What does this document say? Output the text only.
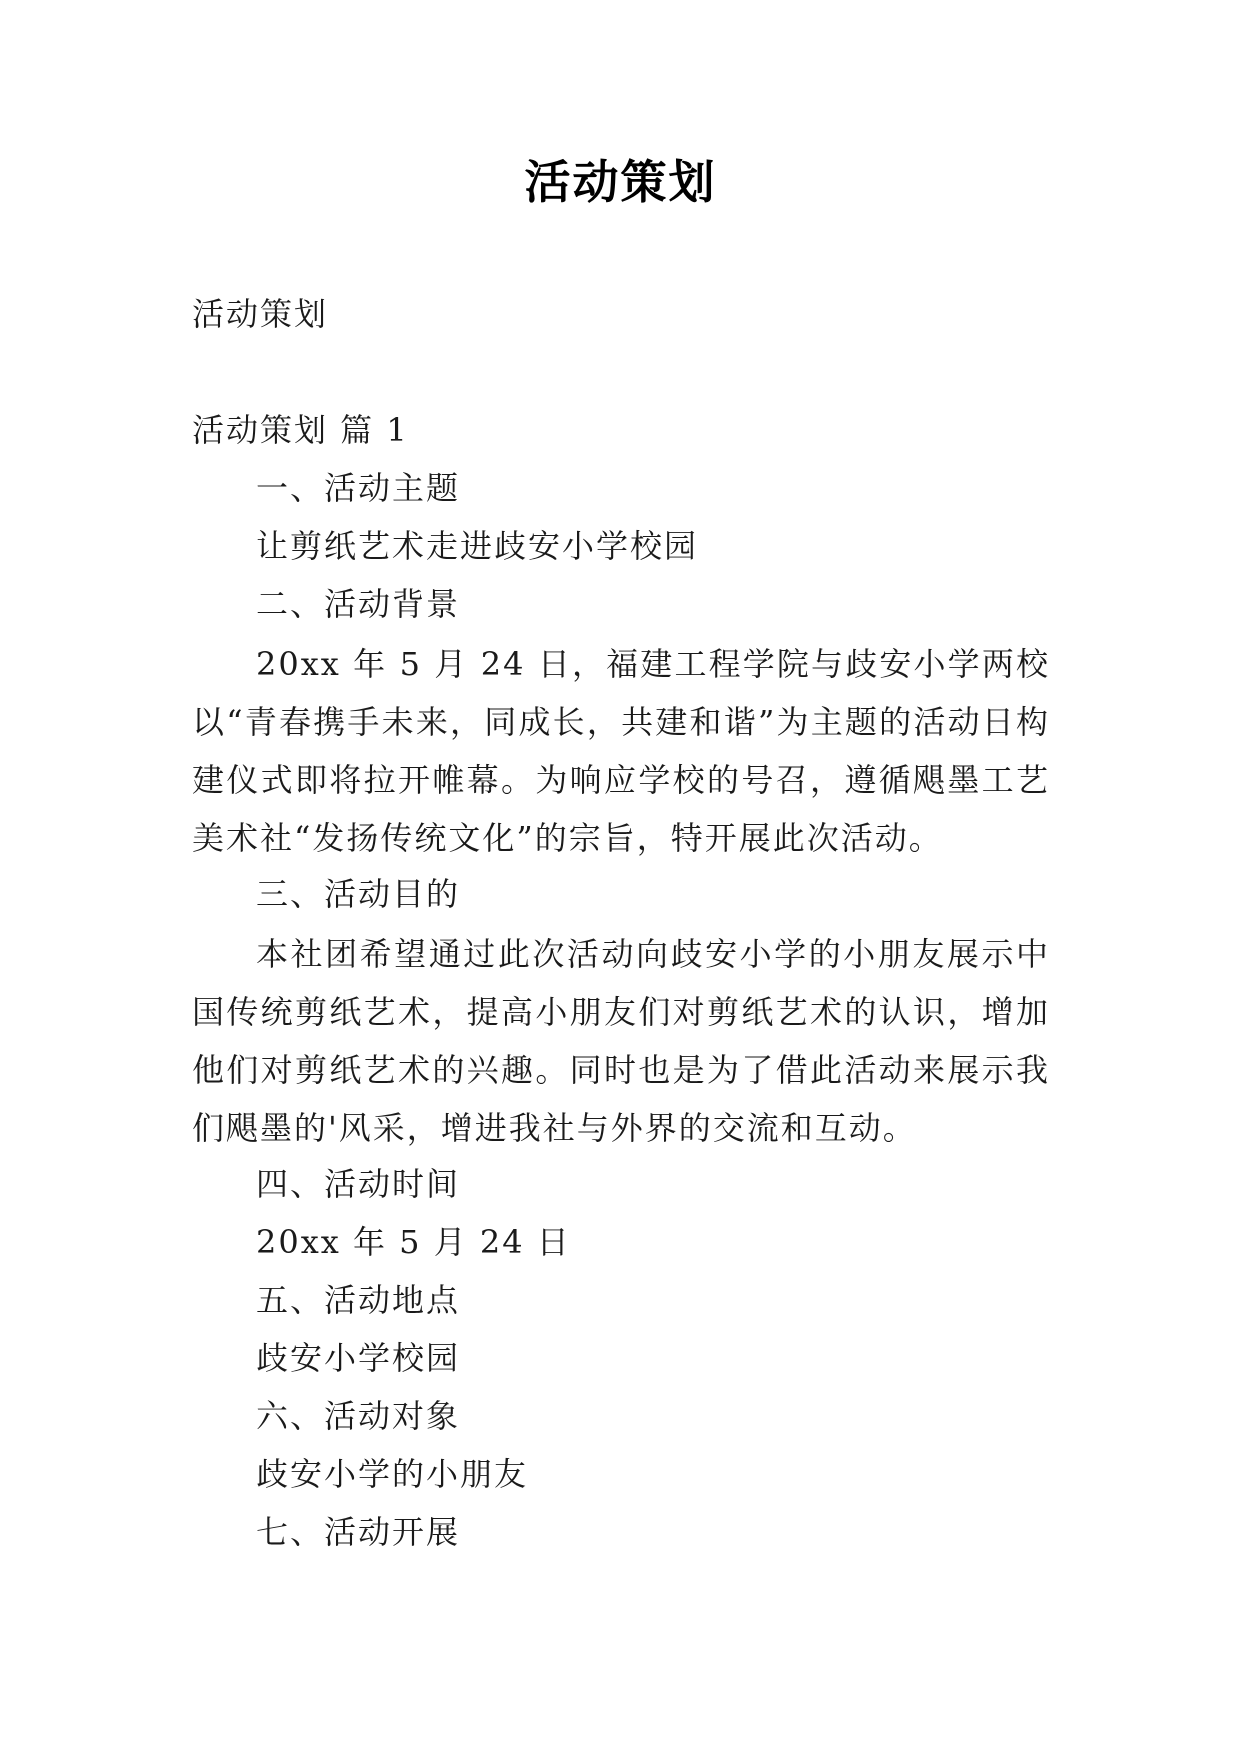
活动策划

活动策划

活动策划 篇 1

一、活动主题

让剪纸艺术走进歧安小学校园

二、活动背景

20xx 年 5 月 24 日，福建工程学院与歧安小学两校以“青春携手未来，同成长，共建和谐”为主题的活动日构建仪式即将拉开帷幕。为响应学校的号召，遵循飓墨工艺美术社“发扬传统文化”的宗旨，特开展此次活动。

三、活动目的

本社团希望通过此次活动向歧安小学的小朋友展示中国传统剪纸艺术，提高小朋友们对剪纸艺术的认识，增加他们对剪纸艺术的兴趣。同时也是为了借此活动来展示我们飓墨的'风采，增进我社与外界的交流和互动。

四、活动时间

20xx 年 5 月 24 日

五、活动地点

歧安小学校园

六、活动对象

歧安小学的小朋友

七、活动开展
